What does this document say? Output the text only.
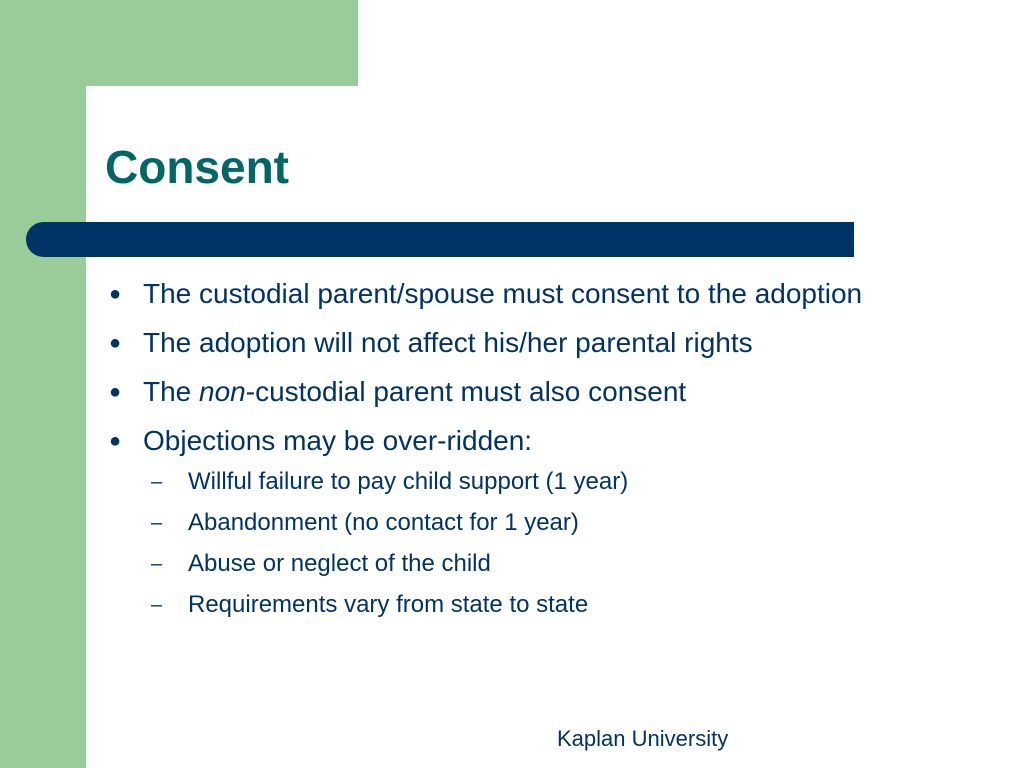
Consent
● The custodial parent/spouse must consent to the adoption
● The adoption will not affect his/her parental rights
● The non-custodial parent must also consent
● Objections may be over-ridden:
– Willful failure to pay child support (1 year)
– Abandonment (no contact for 1 year)
– Abuse or neglect of the child
– Requirements vary from state to state
Kaplan University
